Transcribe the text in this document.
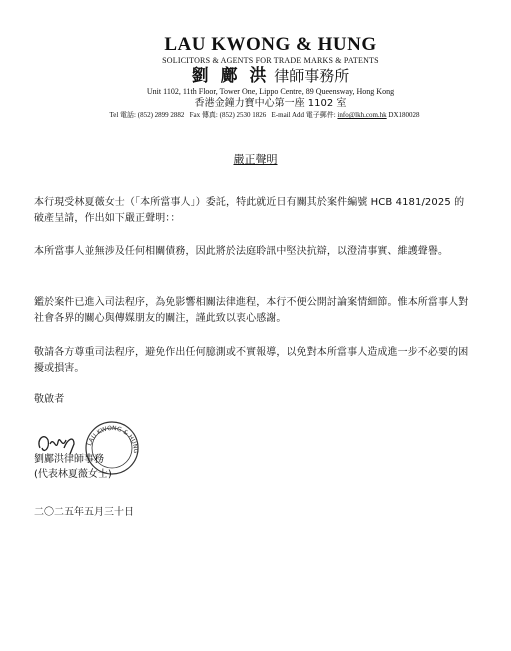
LAU KWONG & HUNG
SOLICITORS & AGENTS FOR TRADE MARKS & PATENTS
劉 鄺 洪 律師事務所
Unit 1102, 11th Floor, Tower One, Lippo Centre, 89 Queensway, Hong Kong
香港金鐘力寶中心第一座 1102 室
Tel 電話: (852) 2899 2882 Fax 傳真: (852) 2530 1826 E-mail Add 電子郵件: info@lkh.com.hk DX180028
嚴正聲明
本行現受林夏薇女士（「本所當事人」）委託，特此就近日有關其於案件編號 HCB 4181/2025 的破產呈請，作出如下嚴正聲明：：
本所當事人並無涉及任何相關債務，因此將於法庭聆訊中堅決抗辯，以澄清事實、維護聲譽。
鑑於案件已進入司法程序，為免影響相關法律進程，本行不便公開討論案情細節。惟本所當事人對社會各界的關心與傳媒朋友的關注，謹此致以衷心感謝。
敬請各方尊重司法程序，避免作出任何臆測或不實報導，以免對本所當事人造成進一步不必要的困擾或損害。
敬啟者
LAU KWONG & HUNG
劉鄺洪律師事務
(代表林夏薇女士)
二〇二五年五月三十日
